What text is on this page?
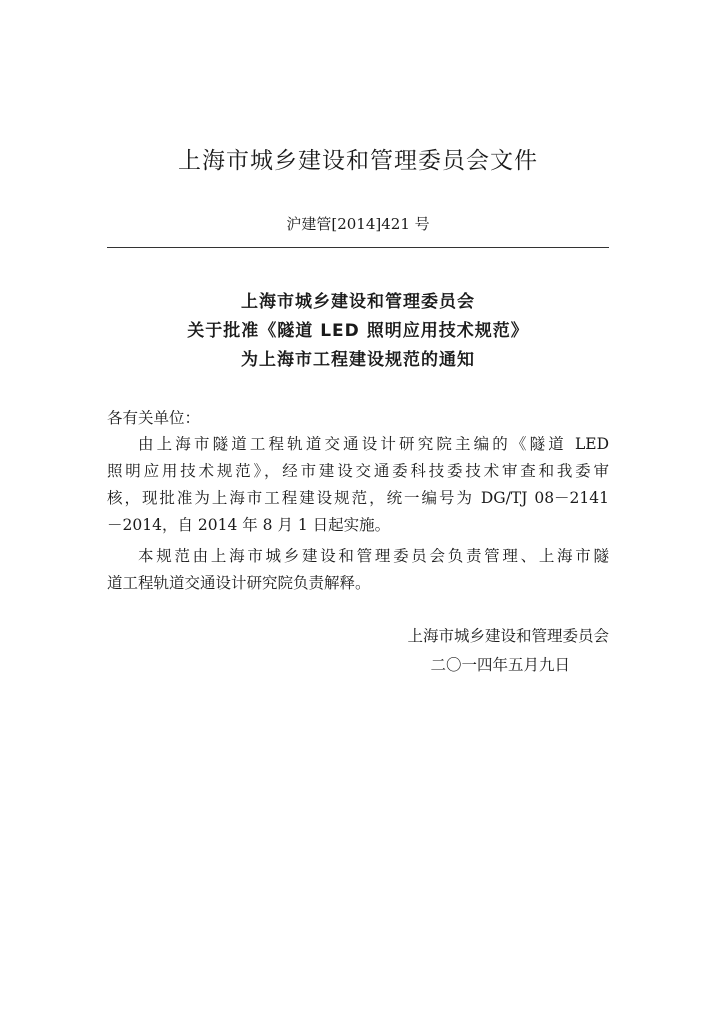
上海市城乡建设和管理委员会文件
沪建管[2014]421 号
上海市城乡建设和管理委员会
关于批准《隧道 LED 照明应用技术规范》
为上海市工程建设规范的通知
各有关单位：
由上海市隧道工程轨道交通设计研究院主编的《隧道 LED
照明应用技术规范》，经市建设交通委科技委技术审查和我委审
核，现批准为上海市工程建设规范，统一编号为 DG/TJ 08－2141
－2014，自 2014 年 8 月 1 日起实施。
本规范由上海市城乡建设和管理委员会负责管理、上海市隧
道工程轨道交通设计研究院负责解释。
上海市城乡建设和管理委员会
二〇一四年五月九日
